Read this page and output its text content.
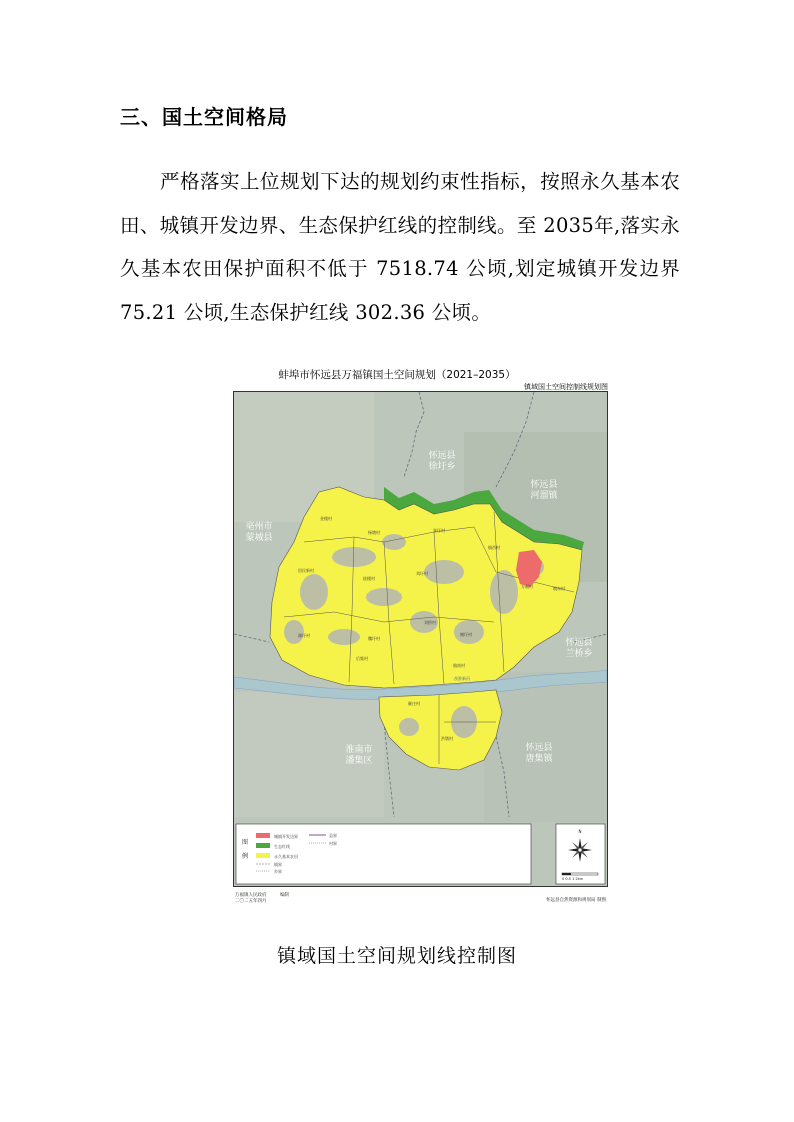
三、国土空间格局
严格落实上位规划下达的规划约束性指标，按照永久基本农田、城镇开发边界、生态保护红线的控制线。至 2035年,落实永久基本农田保护面积不低于 7518.74 公顷,划定城镇开发边界 75.21 公顷,生态保护红线 302.36 公顷。
蚌埠市怀远县万福镇国土空间规划（2021–2035）
镇域国土空间控制线规划图
怀远县
徐圩乡
怀远县
河溜镇
亳州市
蒙城县
怀远县
兰桥乡
淮南市
潘集区
怀远县
唐集镇
金楼村
杨塘村	张圩村
回民新村
镇西村
万福村	镇东村
桂楼村
刘圩村
刘桥村
谢圩村
魏圩村
后集村
镇南村
颜庄村
洪墩村
湖圩村
茨淮新河
城镇开发边界
生态红线
永久基本农田
县界
镇界
乡界
村界
图
例
N
0 0.5 1 2km
万福镇人民政府	编制
二〇二五年四月	怀远县自然资源和规划局 制图
镇域国土空间规划线控制图
